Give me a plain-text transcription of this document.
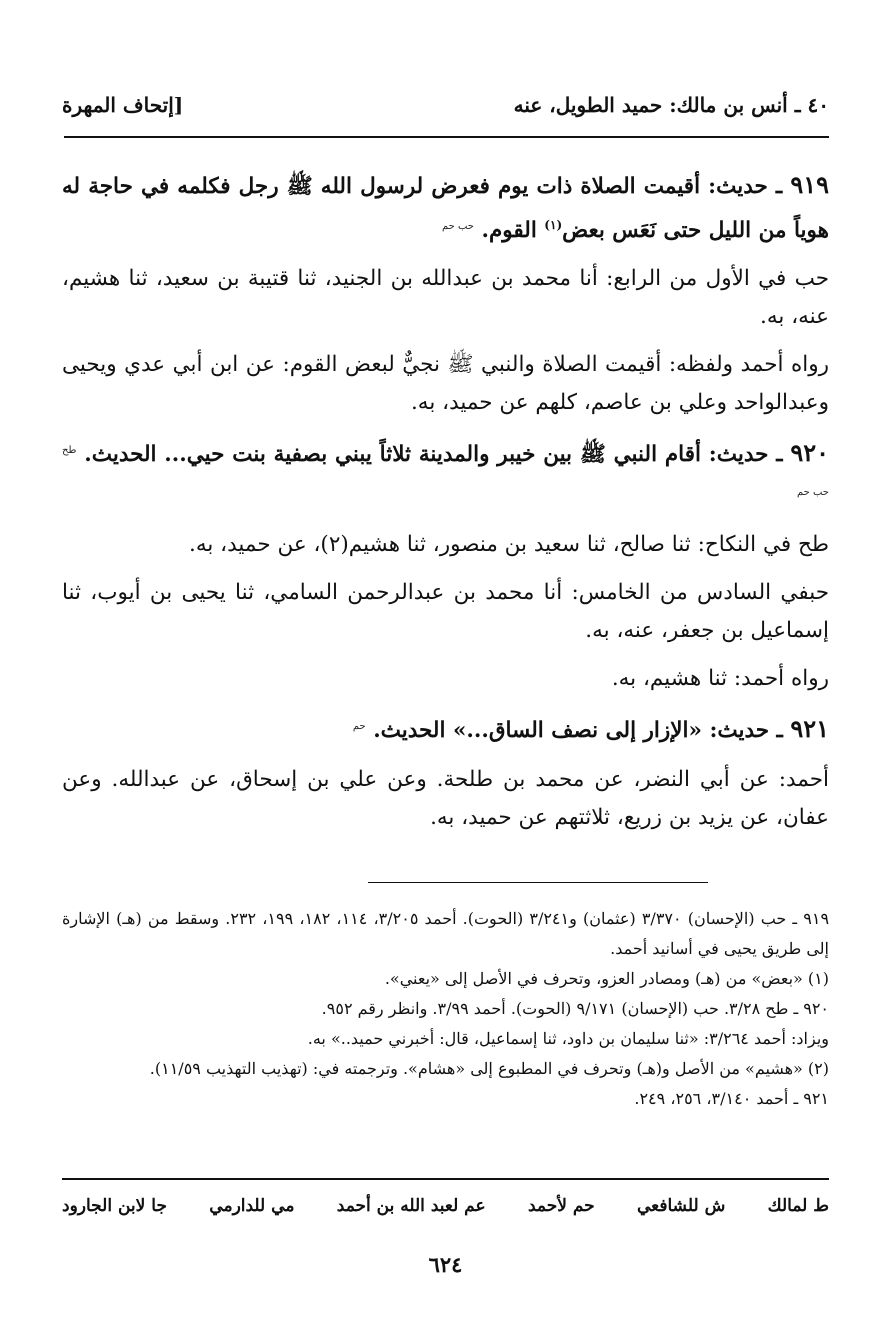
٤٠ ـ أنس بن مالك: حميد الطويل، عنه
[إتحاف المهرة

٩١٩ ـ حديث: أقيمت الصلاة ذات يوم فعرض لرسول الله ﷺ رجل فكلمه في حاجة له هوياً من الليل حتى نَعَس بعض$^{(١)}$ القوم. $^{حب حم}$

حب في الأول من الرابع: أنا محمد بن عبدالله بن الجنيد، ثنا قتيبة بن سعيد، ثنا هشيم، عنه، به.

رواه أحمد ولفظه: أقيمت الصلاة والنبي ﷺ نجيٌّ لبعض القوم: عن ابن أبي عدي ويحيى وعبدالواحد وعلي بن عاصم، كلهم عن حميد، به.

٩٢٠ ـ حديث: أقام النبي ﷺ بين خيبر والمدينة ثلاثاً يبني بصفية بنت حيي... الحديث. $^{طح حب حم}$

طح في النكاح: ثنا صالح، ثنا سعيد بن منصور، ثنا هشيم(٢)، عن حميد، به.

حبفي السادس من الخامس: أنا محمد بن عبدالرحمن السامي، ثنا يحيى بن أيوب، ثنا إسماعيل بن جعفر، عنه، به.

رواه أحمد: ثنا هشيم، به.

٩٢١ ـ حديث: «الإزار إلى نصف الساق...» الحديث. $^{حم}$

أحمد: عن أبي النضر، عن محمد بن طلحة. وعن علي بن إسحاق، عن عبدالله. وعن عفان، عن يزيد بن زريع، ثلاثتهم عن حميد، به.

٩١٩ ـ حب (الإحسان) ٣/٣٧٠ (عثمان) و٣/٢٤١ (الحوت). أحمد ٣/٢٠٥، ١١٤، ١٨٢، ١٩٩، ٢٣٢. وسقط من (هـ) الإشارة إلى طريق يحيى في أسانيد أحمد.

(١) «بعض» من (هـ) ومصادر العزو، وتحرف في الأصل إلى «يعني».

٩٢٠ ـ طح ٣/٢٨. حب (الإحسان) ٩/١٧١ (الحوت). أحمد ٣/٩٩. وانظر رقم ٩٥٢.

ويزاد: أحمد ٣/٢٦٤: «ثنا سليمان بن داود، ثنا إسماعيل، قال: أخبرني حميد..» به.

(٢) «هشيم» من الأصل و(هـ) وتحرف في المطبوع إلى «هشام». وترجمته في: (تهذيب التهذيب ١١/٥٩).

٩٢١ ـ أحمد ٣/١٤٠، ٢٥٦، ٢٤٩.

ط لمالك
ش للشافعي
حم لأحمد
عم لعبد الله بن أحمد
مي للدارمي
جا لابن الجارود
٦٢٤
